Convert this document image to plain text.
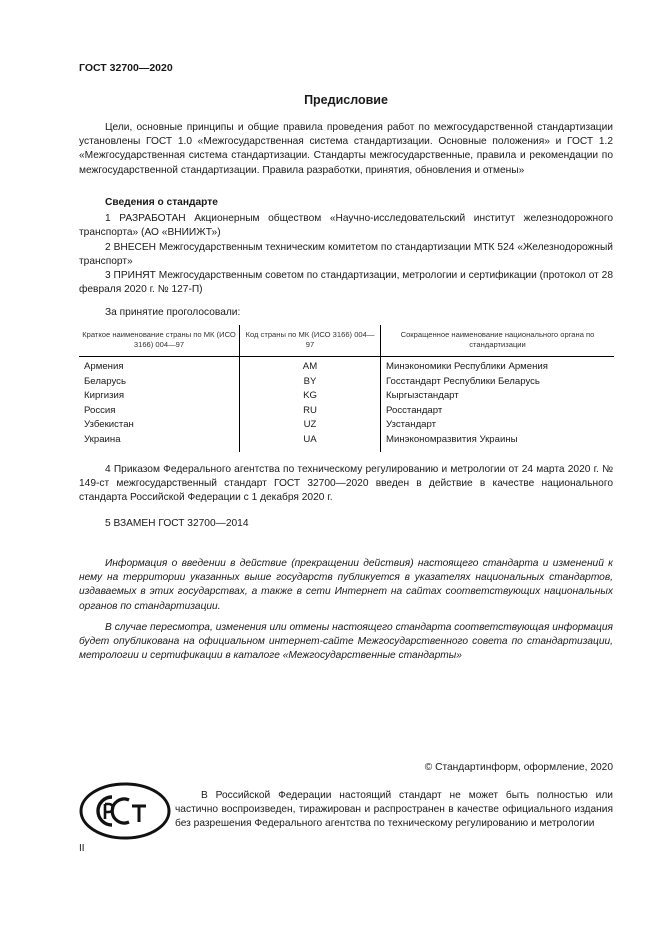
ГОСТ 32700—2020
Предисловие

Цели, основные принципы и общие правила проведения работ по межгосударственной стандартизации установлены ГОСТ 1.0 «Межгосударственная система стандартизации. Основные положения» и ГОСТ 1.2 «Межгосударственная система стандартизации. Стандарты межгосударственные, правила и рекомендации по межгосударственной стандартизации. Правила разработки, принятия, обновления и отмены»

Сведения о стандарте

1 РАЗРАБОТАН Акционерным обществом «Научно-исследовательский институт железнодорожного транспорта» (АО «ВНИИЖТ»)

2 ВНЕСЕН Межгосударственным техническим комитетом по стандартизации МТК 524 «Железнодорожный транспорт»

3 ПРИНЯТ Межгосударственным советом по стандартизации, метрологии и сертификации (протокол от 28 февраля 2020 г. № 127-П)

За принятие проголосовали:

Краткое наименование страны по МК (ИСО 3166) 004—97	Код страны по МК (ИСО 3166) 004—97	Сокращенное наименование национального органа по стандартизации
Армения	AM	Минэкономики Республики Армения
Беларусь	BY	Госстандарт Республики Беларусь
Киргизия	KG	Кыргызстандарт
Россия	RU	Росстандарт
Узбекистан	UZ	Узстандарт
Украина	UA	Минэкономразвития Украины

4 Приказом Федерального агентства по техническому регулированию и метрологии от 24 марта 2020 г. № 149-ст межгосударственный стандарт ГОСТ 32700—2020 введен в действие в качестве национального стандарта Российской Федерации с 1 декабря 2020 г.

5 ВЗАМЕН ГОСТ 32700—2014

Информация о введении в действие (прекращении действия) настоящего стандарта и изменений к нему на территории указанных выше государств публикуется в указателях национальных стандартов, издаваемых в этих государствах, а также в сети Интернет на сайтах соответствующих национальных органов по стандартизации.

В случае пересмотра, изменения или отмены настоящего стандарта соответствующая информация будет опубликована на официальном интернет-сайте Межгосударственного совета по стандартизации, метрологии и сертификации в каталоге «Межгосударственные стандарты»

© Стандартинформ, оформление, 2020

В Российской Федерации настоящий стандарт не может быть полностью или частично воспроизведен, тиражирован и распространен в качестве официального издания без разрешения Федерального агентства по техническому регулированию и метрологии

II
